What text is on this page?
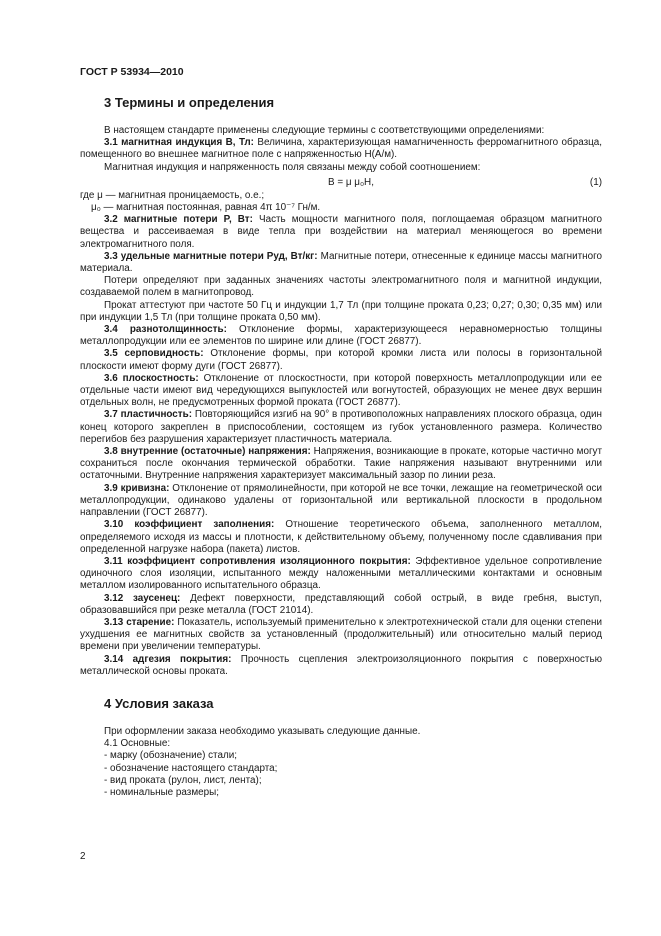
ГОСТ Р 53934—2010
3 Термины и определения

В настоящем стандарте применены следующие термины с соответствующими определениями:

3.1 магнитная индукция B, Тл: Величина, характеризующая намагниченность ферромагнитного образца, помещенного во внешнее магнитное поле с напряженностью H(А/м).

Магнитная индукция и напряженность поля связаны между собой соотношением:

B = μ μ₀H,	(1)

где μ — магнитная проницаемость, о.е.;

μ₀ — магнитная постоянная, равная 4π 10⁻⁷ Гн/м.

3.2 магнитные потери P, Вт: Часть мощности магнитного поля, поглощаемая образцом магнитного вещества и рассеиваемая в виде тепла при воздействии на материал меняющегося во времени электромагнитного поля.

3.3 удельные магнитные потери Pуд, Вт/кг: Магнитные потери, отнесенные к единице массы магнитного материала.

Потери определяют при заданных значениях частоты электромагнитного поля и магнитной индукции, создаваемой полем в магнитопровод.

Прокат аттестуют при частоте 50 Гц и индукции 1,7 Тл (при толщине проката 0,23; 0,27; 0,30; 0,35 мм) или при индукции 1,5 Тл (при толщине проката 0,50 мм).

3.4 разнотолщинность: Отклонение формы, характеризующееся неравномерностью толщины металлопродукции или ее элементов по ширине или длине (ГОСТ 26877).

3.5 серповидность: Отклонение формы, при которой кромки листа или полосы в горизонтальной плоскости имеют форму дуги (ГОСТ 26877).

3.6 плоскостность: Отклонение от плоскостности, при которой поверхность металлопродукции или ее отдельные части имеют вид чередующихся выпуклостей или вогнутостей, образующих не менее двух вершин отдельных волн, не предусмотренных формой проката (ГОСТ 26877).

3.7 пластичность: Повторяющийся изгиб на 90° в противоположных направлениях плоского образца, один конец которого закреплен в приспособлении, состоящем из губок установленного размера. Количество перегибов без разрушения характеризует пластичность материала.

3.8 внутренние (остаточные) напряжения: Напряжения, возникающие в прокате, которые частично могут сохраниться после окончания термической обработки. Такие напряжения называют внутренними или остаточными. Внутренние напряжения характеризует максимальный зазор по линии реза.

3.9 кривизна: Отклонение от прямолинейности, при которой не все точки, лежащие на геометрической оси металлопродукции, одинаково удалены от горизонтальной или вертикальной плоскости в продольном направлении (ГОСТ 26877).

3.10 коэффициент заполнения: Отношение теоретического объема, заполненного металлом, определяемого исходя из массы и плотности, к действительному объему, полученному после сдавливания при определенной нагрузке набора (пакета) листов.

3.11 коэффициент сопротивления изоляционного покрытия: Эффективное удельное сопротивление одиночного слоя изоляции, испытанного между наложенными металлическими контактами и основным металлом изолированного испытательного образца.

3.12 заусенец: Дефект поверхности, представляющий собой острый, в виде гребня, выступ, образовавшийся при резке металла (ГОСТ 21014).

3.13 старение: Показатель, используемый применительно к электротехнической стали для оценки степени ухудшения ее магнитных свойств за установленный (продолжительный) или относительно малый период времени при увеличении температуры.

3.14 адгезия покрытия: Прочность сцепления электроизоляционного покрытия с поверхностью металлической основы проката.

4 Условия заказа

При оформлении заказа необходимо указывать следующие данные.

4.1 Основные:

- марку (обозначение) стали;

- обозначение настоящего стандарта;

- вид проката (рулон, лист, лента);

- номинальные размеры;

2
